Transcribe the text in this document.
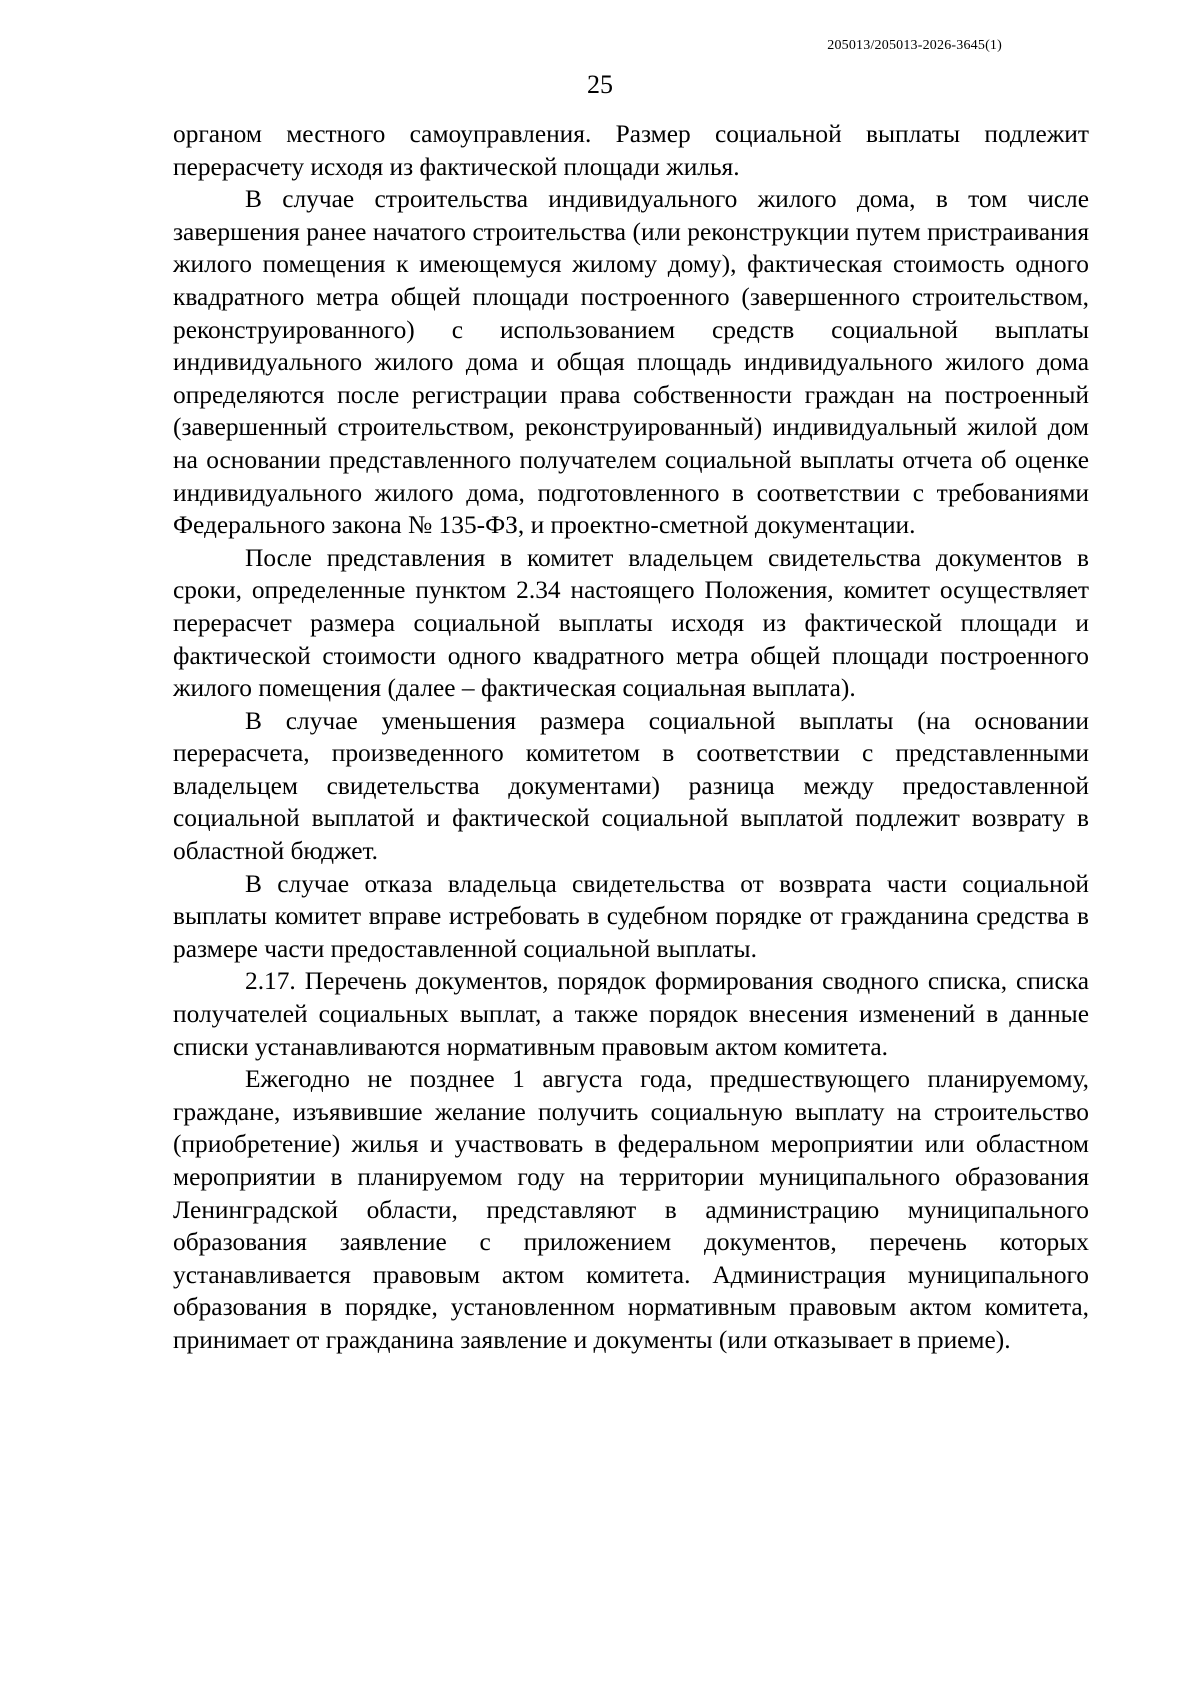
205013/205013-2026-3645(1)
25

органом местного самоуправления. Размер социальной выплаты подлежит перерасчету исходя из фактической площади жилья.

В случае строительства индивидуального жилого дома, в том числе завершения ранее начатого строительства (или реконструкции путем пристраивания жилого помещения к имеющемуся жилому дому), фактическая стоимость одного квадратного метра общей площади построенного (завершенного строительством, реконструированного) с использованием средств социальной выплаты индивидуального жилого дома и общая площадь индивидуального жилого дома определяются после регистрации права собственности граждан на построенный (завершенный строительством, реконструированный) индивидуальный жилой дом на основании представленного получателем социальной выплаты отчета об оценке индивидуального жилого дома, подготовленного в соответствии с требованиями Федерального закона № 135-ФЗ, и проектно-сметной документации.

После представления в комитет владельцем свидетельства документов в сроки, определенные пунктом 2.34 настоящего Положения, комитет осуществляет перерасчет размера социальной выплаты исходя из фактической площади и фактической стоимости одного квадратного метра общей площади построенного жилого помещения (далее – фактическая социальная выплата).

В случае уменьшения размера социальной выплаты (на основании перерасчета, произведенного комитетом в соответствии с представленными владельцем свидетельства документами) разница между предоставленной социальной выплатой и фактической социальной выплатой подлежит возврату в областной бюджет.

В случае отказа владельца свидетельства от возврата части социальной выплаты комитет вправе истребовать в судебном порядке от гражданина средства в размере части предоставленной социальной выплаты.

2.17. Перечень документов, порядок формирования сводного списка, списка получателей социальных выплат, а также порядок внесения изменений в данные списки устанавливаются нормативным правовым актом комитета.

Ежегодно не позднее 1 августа года, предшествующего планируемому, граждане, изъявившие желание получить социальную выплату на строительство (приобретение) жилья и участвовать в федеральном мероприятии или областном мероприятии в планируемом году на территории муниципального образования Ленинградской области, представляют в администрацию муниципального образования заявление с приложением документов, перечень которых устанавливается правовым актом комитета. Администрация муниципального образования в порядке, установленном нормативным правовым актом комитета, принимает от гражданина заявление и документы (или отказывает в приеме).
